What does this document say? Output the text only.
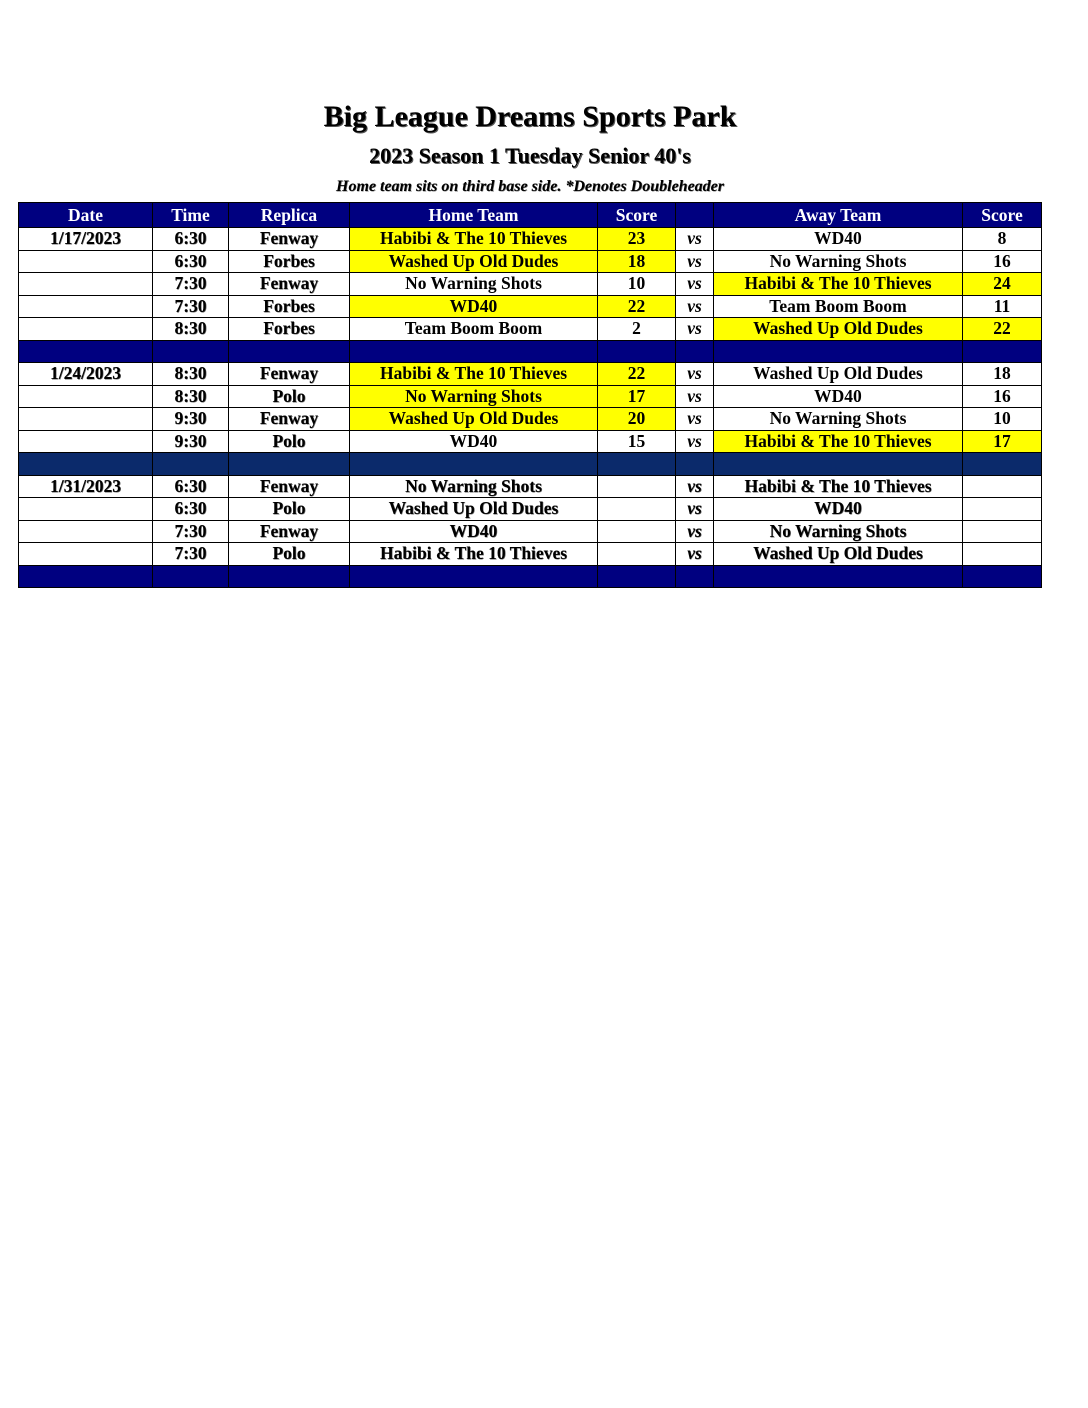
Big League Dreams Sports Park
2023 Season 1 Tuesday Senior 40's
Home team sits on third base side. *Denotes Doubleheader
Date	Time	Replica	Home Team	Score		Away Team	Score
1/17/2023	6:30	Fenway	Habibi & The 10 Thieves	23	vs	WD40	8
	6:30	Forbes	Washed Up Old Dudes	18	vs	No Warning Shots	16
	7:30	Fenway	No Warning Shots	10	vs	Habibi & The 10 Thieves	24
	7:30	Forbes	WD40	22	vs	Team Boom Boom	11
	8:30	Forbes	Team Boom Boom	2	vs	Washed Up Old Dudes	22

1/24/2023	8:30	Fenway	Habibi & The 10 Thieves	22	vs	Washed Up Old Dudes	18
	8:30	Polo	No Warning Shots	17	vs	WD40	16
	9:30	Fenway	Washed Up Old Dudes	20	vs	No Warning Shots	10
	9:30	Polo	WD40	15	vs	Habibi & The 10 Thieves	17

1/31/2023	6:30	Fenway	No Warning Shots		vs	Habibi & The 10 Thieves	
	6:30	Polo	Washed Up Old Dudes		vs	WD40	
	7:30	Fenway	WD40		vs	No Warning Shots	
	7:30	Polo	Habibi & The 10 Thieves		vs	Washed Up Old Dudes	
